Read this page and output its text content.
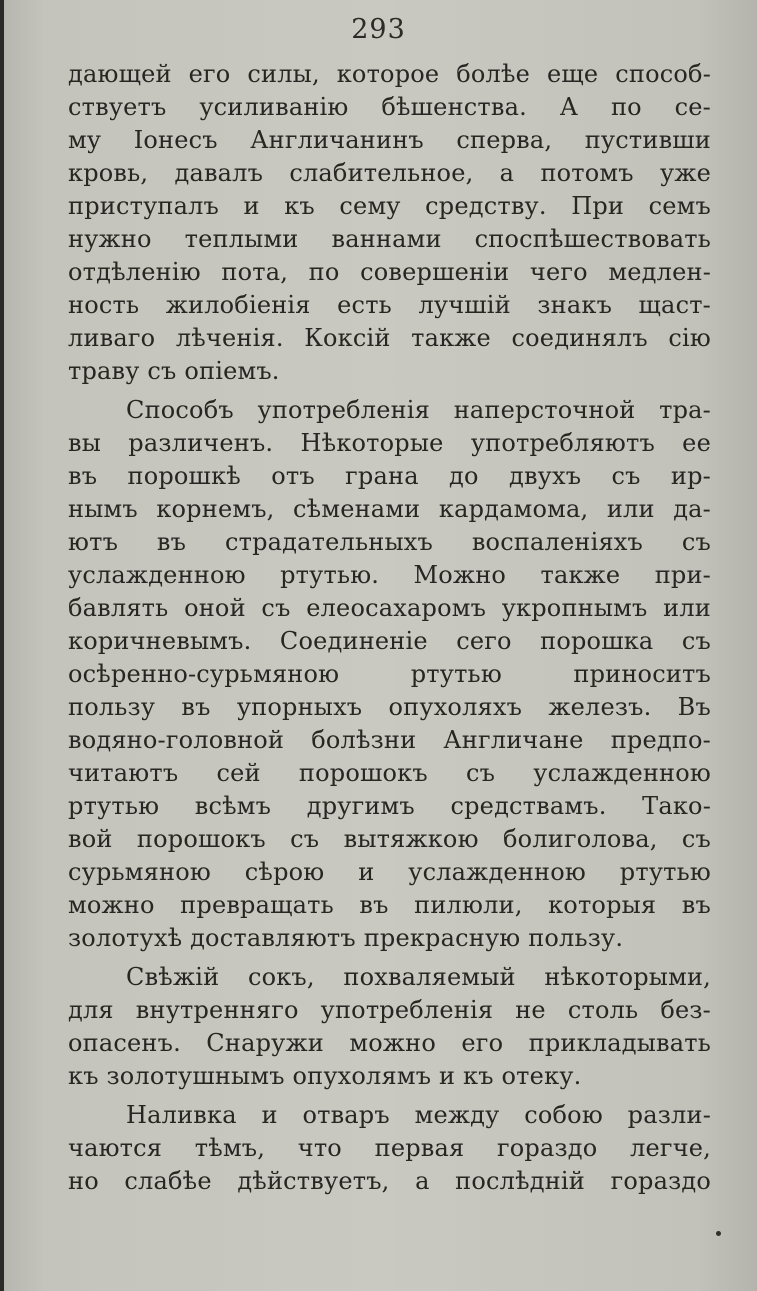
293
дающей его силы, которое болѣе еще способ-
ствуетъ усиливанію бѣшенства. А по се-
му Іонесъ Англичанинъ сперва, пустивши
кровь, давалъ слабительное, а потомъ уже
приступалъ и къ сему средству. При семъ
нужно теплыми ваннами споспѣшествовать
отдѣленію пота, по совершеніи чего медлен-
ность жилобіенія есть лучшій знакъ щаст-
ливаго лѣченія. Коксій также соединялъ сію
траву съ опіемъ.
Способъ употребленія наперсточной тра-
вы различенъ. Нѣкоторые употребляютъ ее
въ порошкѣ отъ грана до двухъ съ ир-
нымъ корнемъ, сѣменами кардамома, или да-
ютъ въ страдательныхъ воспаленіяхъ съ
услажденною ртутью. Можно также при-
бавлять оной съ елеосахаромъ укропнымъ или
коричневымъ. Соединеніе сего порошка съ
осѣренно-сурьмяною ртутью приноситъ
пользу въ упорныхъ опухоляхъ железъ. Въ
водяно-головной болѣзни Англичане предпо-
читаютъ сей порошокъ съ услажденною
ртутью всѣмъ другимъ средствамъ. Тако-
вой порошокъ съ вытяжкою болиголова, съ
сурьмяною сѣрою и услажденною ртутью
можно превращать въ пилюли, которыя въ
золотухѣ доставляютъ прекрасную пользу.
Свѣжій сокъ, похваляемый нѣкоторыми,
для внутренняго употребленія не столь без-
опасенъ. Снаружи можно его прикладывать
къ золотушнымъ опухолямъ и къ отеку.
Наливка и отваръ между собою разли-
чаются тѣмъ, что первая гораздо легче,
но слабѣе дѣйствуетъ, а послѣдній гораздо
